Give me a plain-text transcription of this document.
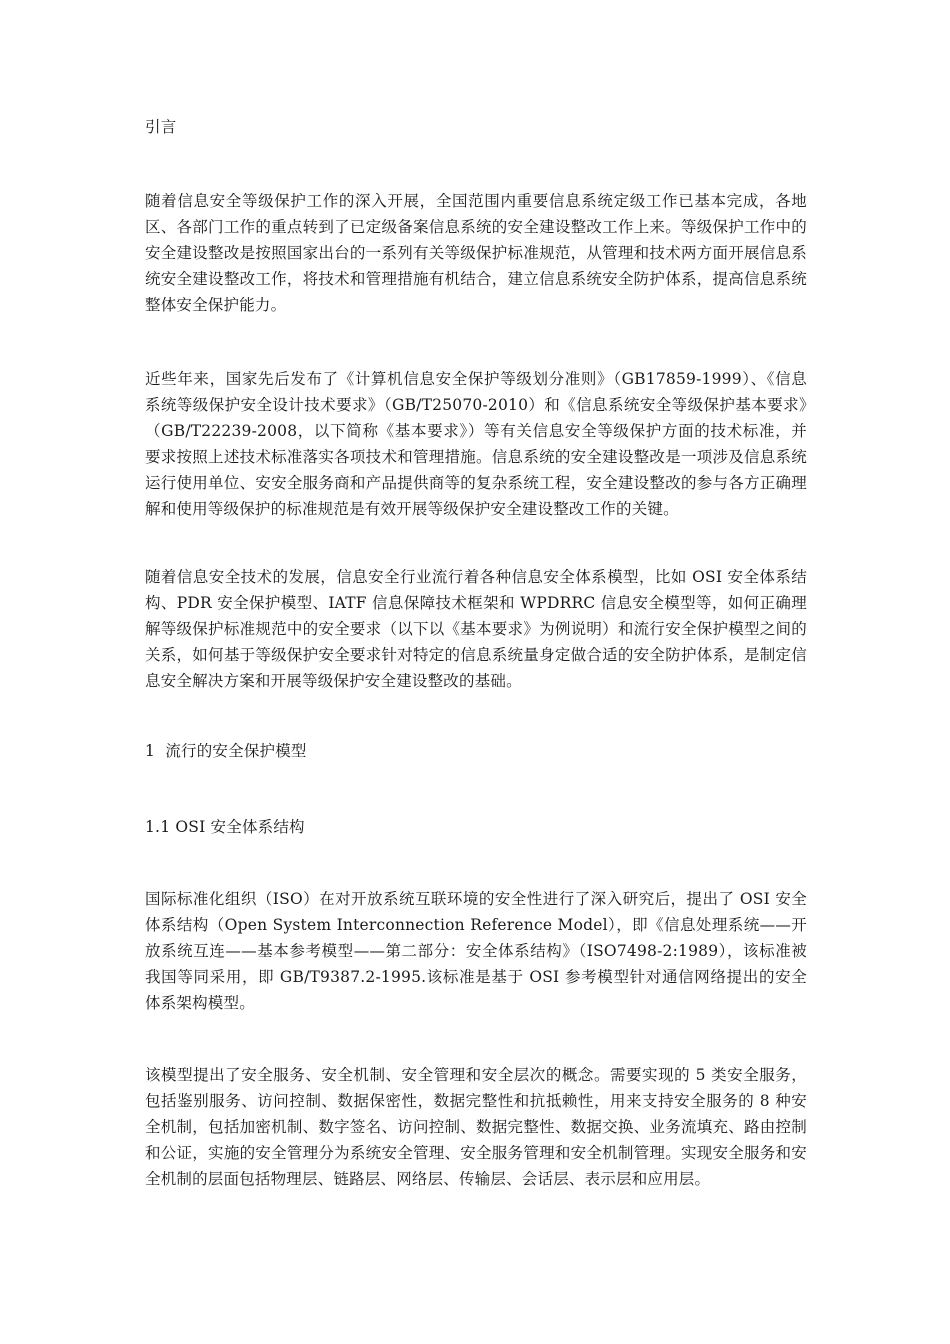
引言

随着信息安全等级保护工作的深入开展，全国范围内重要信息系统定级工作已基本完成，各地区、各部门工作的重点转到了已定级备案信息系统的安全建设整改工作上来。等级保护工作中的安全建设整改是按照国家出台的一系列有关等级保护标准规范，从管理和技术两方面开展信息系统安全建设整改工作，将技术和管理措施有机结合，建立信息系统安全防护体系，提高信息系统整体安全保护能力。

近些年来，国家先后发布了《计算机信息安全保护等级划分准则》（GB17859-1999）、《信息系统等级保护安全设计技术要求》（GB/T25070-2010）和《信息系统安全等级保护基本要求》（GB/T22239-2008，以下简称《基本要求》）等有关信息安全等级保护方面的技术标准，并要求按照上述技术标准落实各项技术和管理措施。信息系统的安全建设整改是一项涉及信息系统运行使用单位、安安全服务商和产品提供商等的复杂系统工程，安全建设整改的参与各方正确理解和使用等级保护的标准规范是有效开展等级保护安全建设整改工作的关键。

随着信息安全技术的发展，信息安全行业流行着各种信息安全体系模型，比如 OSI 安全体系结构、PDR 安全保护模型、IATF 信息保障技术框架和 WPDRRC 信息安全模型等，如何正确理解等级保护标准规范中的安全要求（以下以《基本要求》为例说明）和流行安全保护模型之间的关系，如何基于等级保护安全要求针对特定的信息系统量身定做合适的安全防护体系，是制定信息安全解决方案和开展等级保护安全建设整改的基础。

1  流行的安全保护模型

1.1 OSI 安全体系结构

国际标准化组织（ISO）在对开放系统互联环境的安全性进行了深入研究后，提出了 OSI 安全体系结构（Open System Interconnection Reference Model），即《信息处理系统——开放系统互连——基本参考模型——第二部分：安全体系结构》（ISO7498-2:1989），该标准被我国等同采用，即 GB/T9387.2-1995.该标准是基于 OSI 参考模型针对通信网络提出的安全体系架构模型。

该模型提出了安全服务、安全机制、安全管理和安全层次的概念。需要实现的 5 类安全服务，包括鉴别服务、访问控制、数据保密性，数据完整性和抗抵赖性，用来支持安全服务的 8 种安全机制，包括加密机制、数字签名、访问控制、数据完整性、数据交换、业务流填充、路由控制和公证，实施的安全管理分为系统安全管理、安全服务管理和安全机制管理。实现安全服务和安全机制的层面包括物理层、链路层、网络层、传输层、会话层、表示层和应用层。
